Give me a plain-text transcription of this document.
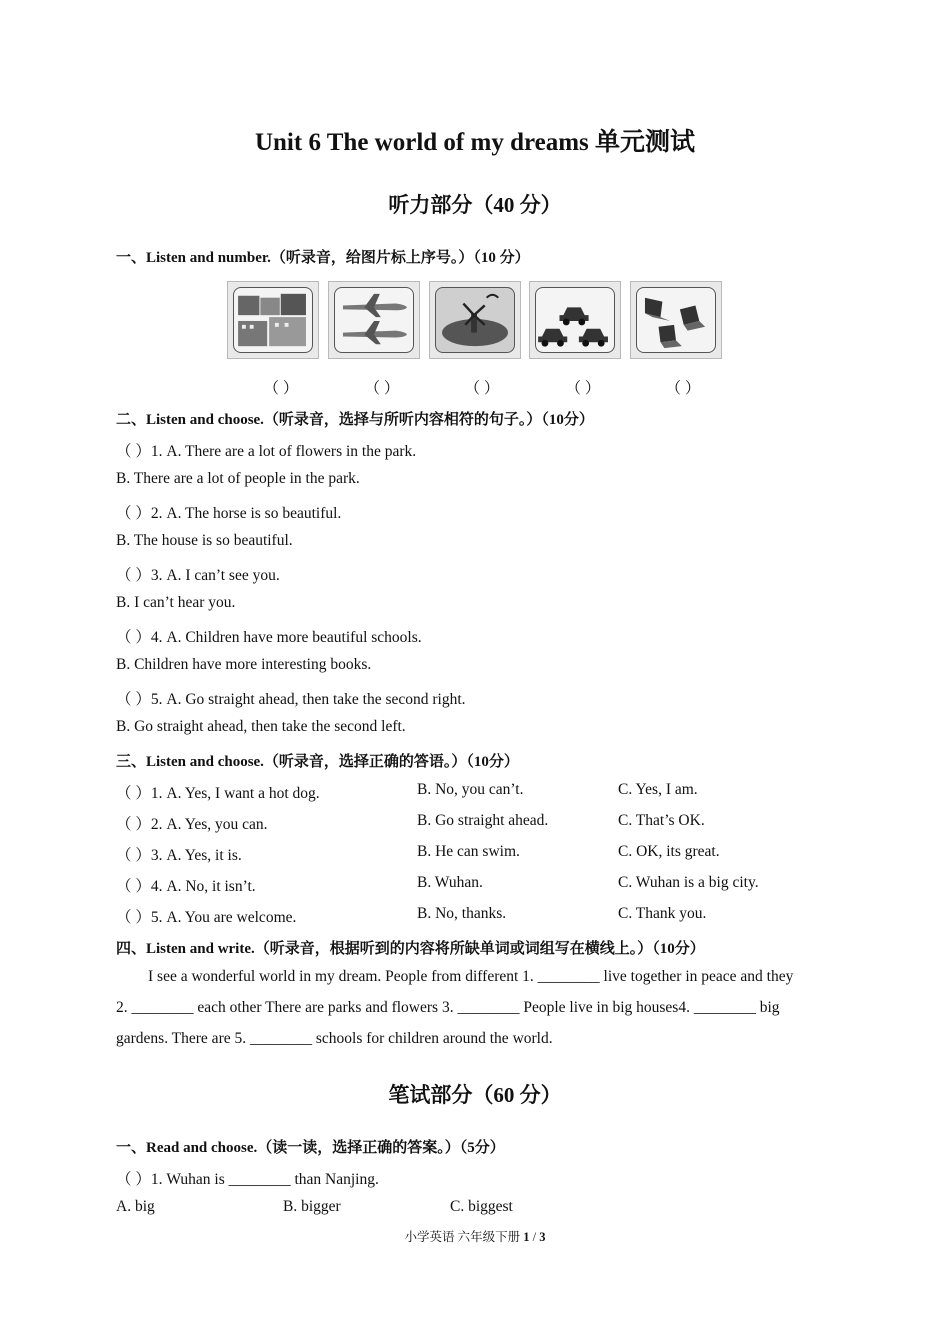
Unit 6 The world of my dreams 单元测试
听力部分（40 分）
一、Listen and number.（听录音，给图片标上序号。）（10 分）
（ ）	（ ）	（ ）	（ ）	（ ）
二、Listen and choose.（听录音，选择与所听内容相符的句子。）（10分）
（ ）1. A. There are a lot of flowers in the park.
B. There are a lot of people in the park.
（ ）2. A. The horse is so beautiful.
B. The house is so beautiful.
（ ）3. A. I can’t see you.
B. I can’t hear you.
（ ）4. A. Children have more beautiful schools.
B. Children have more interesting books.
（ ）5. A. Go straight ahead, then take the second right.
B. Go straight ahead, then take the second left.
三、Listen and choose.（听录音，选择正确的答语。）（10分）
（ ）1. A. Yes, I want a hot dog.	B. No, you can’t.	C. Yes, I am.
（ ）2. A. Yes, you can.	B. Go straight ahead.	C. That’s OK.
（ ）3. A. Yes, it is.	B. He can swim.	C. OK, its great.
（ ）4. A. No, it isn’t.	B. Wuhan.	C. Wuhan is a big city.
（ ）5. A. You are welcome.	B. No, thanks.	C. Thank you.
四、Listen and write.（听录音，根据听到的内容将所缺单词或词组写在横线上。）（10分）
I see a wonderful world in my dream. People from different 1. ________ live together in peace and they
2. ________ each other There are parks and flowers 3. ________ People live in big houses4. ________ big
gardens. There are 5. ________ schools for children around the world.
笔试部分（60 分）
一、Read and choose.（读一读，选择正确的答案。）（5分）
（ ）1. Wuhan is ________ than Nanjing.
A. big	B. bigger	C. biggest
小学英语 六年级下册 1 / 3
